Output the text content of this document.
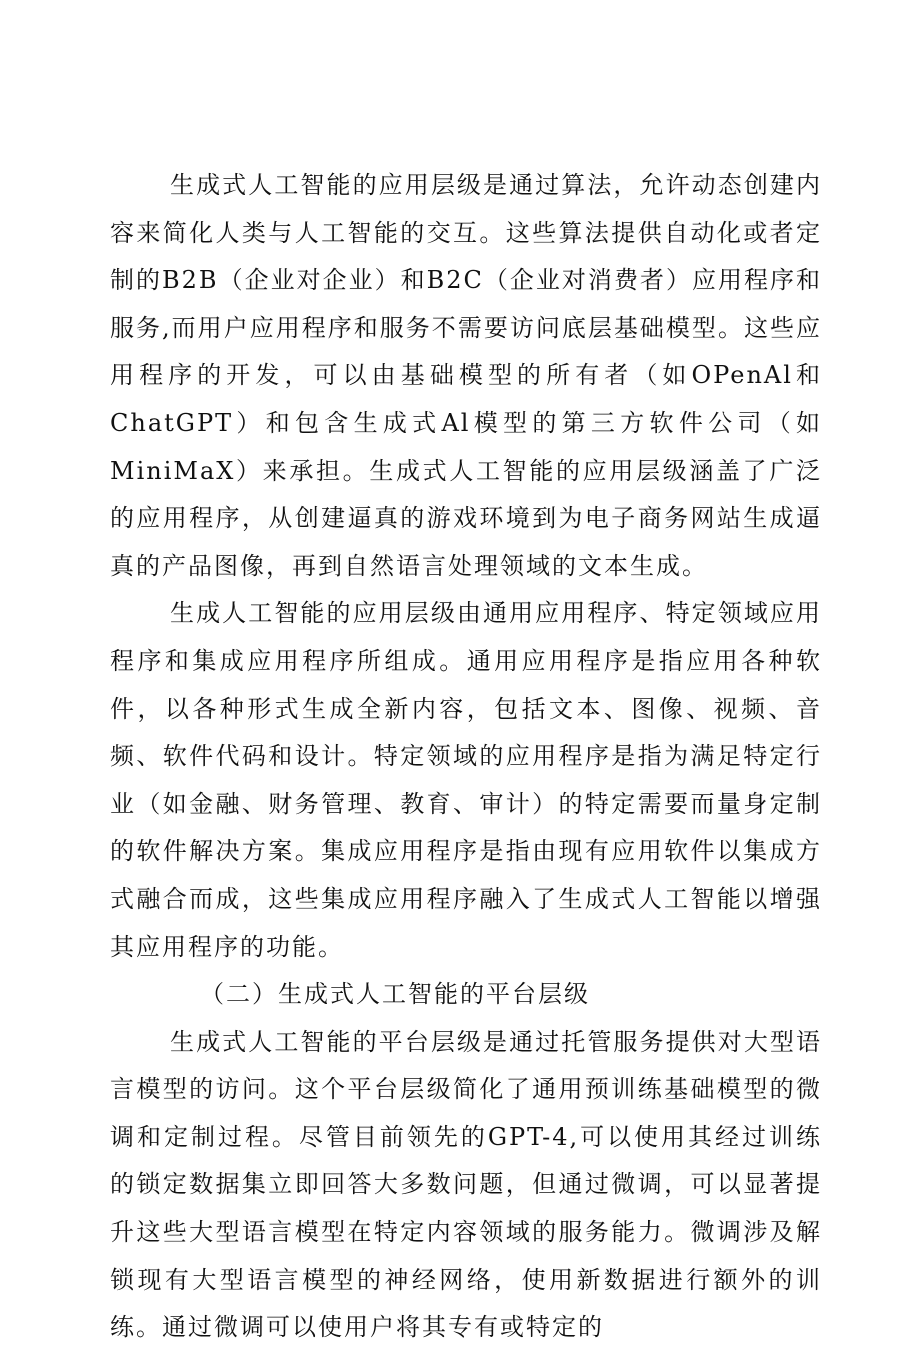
生成式人工智能的应用层级是通过算法，允许动态创建内容来简化人类与人工智能的交互。这些算法提供自动化或者定制的B2B（企业对企业）和B2C（企业对消费者）应用程序和服务,而用户应用程序和服务不需要访问底层基础模型。这些应用程序的开发，可以由基础模型的所有者（如OPenAl和ChatGPT）和包含生成式Al模型的第三方软件公司（如MiniMaX）来承担。生成式人工智能的应用层级涵盖了广泛的应用程序，从创建逼真的游戏环境到为电子商务网站生成逼真的产品图像，再到自然语言处理领域的文本生成。

生成人工智能的应用层级由通用应用程序、特定领域应用程序和集成应用程序所组成。通用应用程序是指应用各种软件，以各种形式生成全新内容，包括文本、图像、视频、音频、软件代码和设计。特定领域的应用程序是指为满足特定行业（如金融、财务管理、教育、审计）的特定需要而量身定制的软件解决方案。集成应用程序是指由现有应用软件以集成方式融合而成，这些集成应用程序融入了生成式人工智能以增强其应用程序的功能。

（二）生成式人工智能的平台层级

生成式人工智能的平台层级是通过托管服务提供对大型语言模型的访问。这个平台层级简化了通用预训练基础模型的微调和定制过程。尽管目前领先的GPT-4,可以使用其经过训练的锁定数据集立即回答大多数问题，但通过微调，可以显著提升这些大型语言模型在特定内容领域的服务能力。微调涉及解锁现有大型语言模型的神经网络，使用新数据进行额外的训练。通过微调可以使用户将其专有或特定的
